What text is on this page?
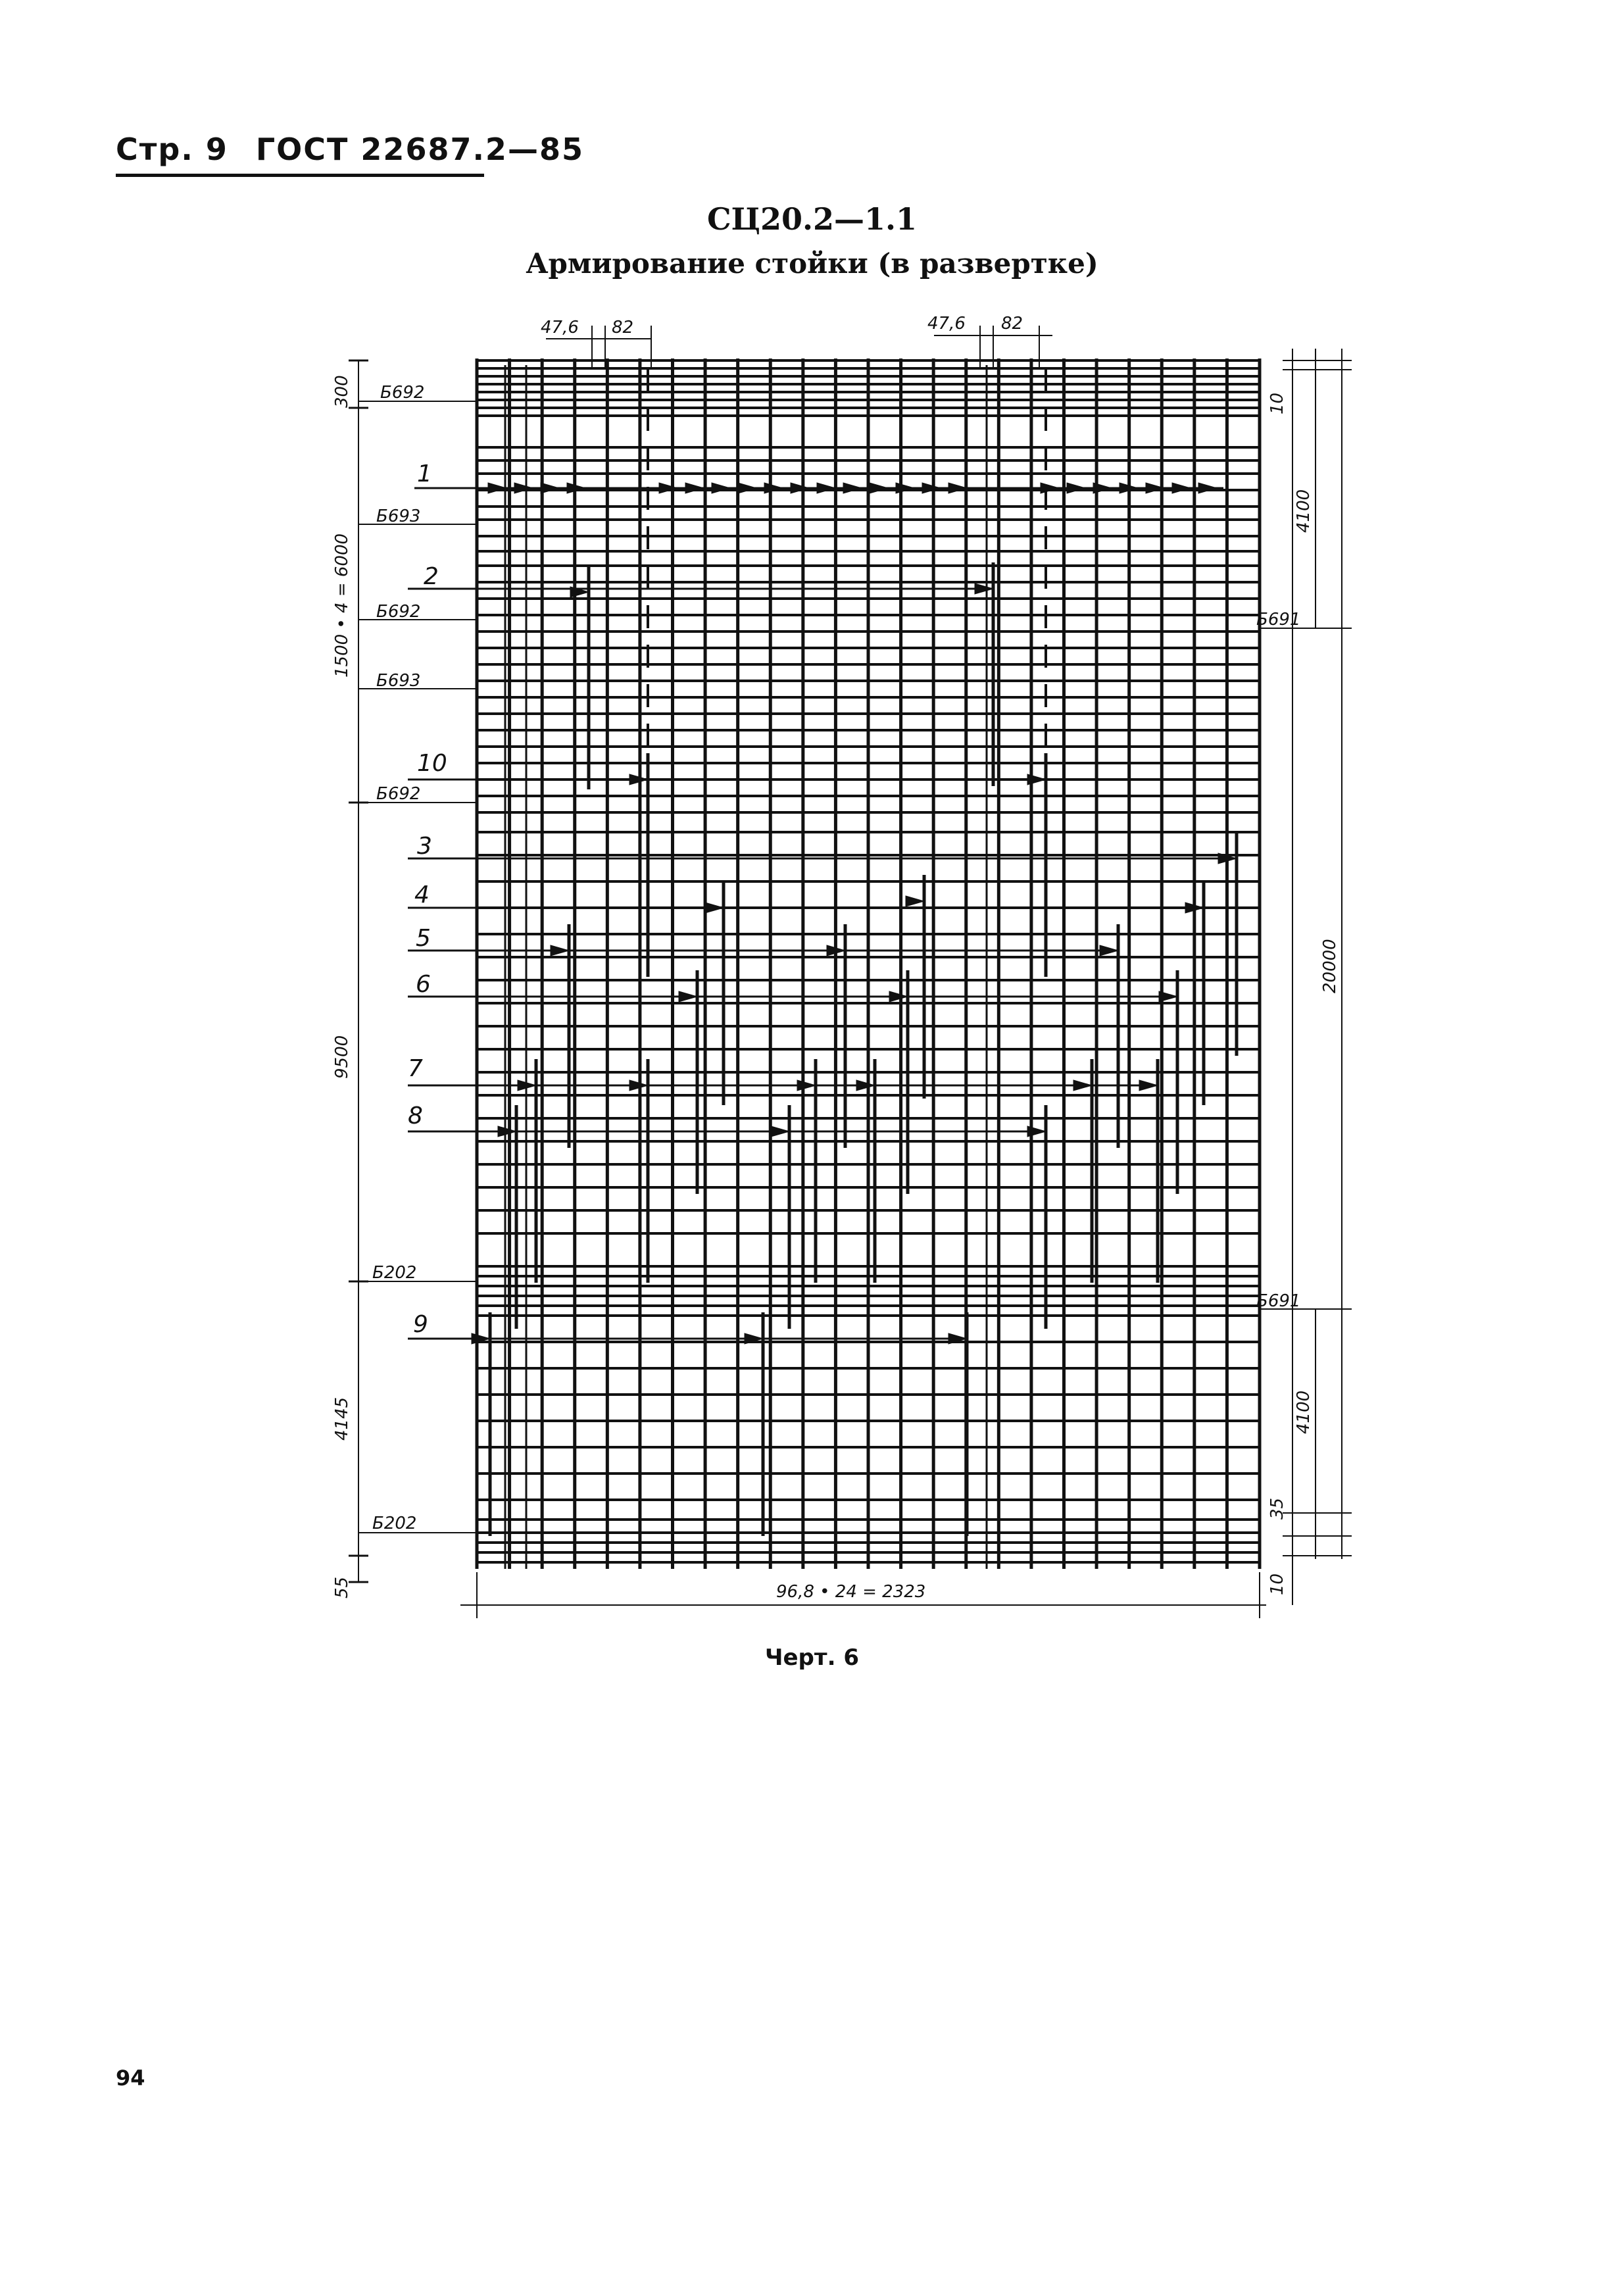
Стр. 9 ГОСТ 22687.2—85
СЦ20.2—1.1
Армирование стойки (в развертке)
47,6 82	47,6 82
300
1500 • 4 = 6000
9500
4145
55
10
4100
20000
4100
35
10
96,8 • 24 = 2323
Б692
Б693
Б692
Б693
Б692
Б202
Б202
Б691
Б691
1
2
10
3
4
5
6
7
8
9
Черт. 6
94
